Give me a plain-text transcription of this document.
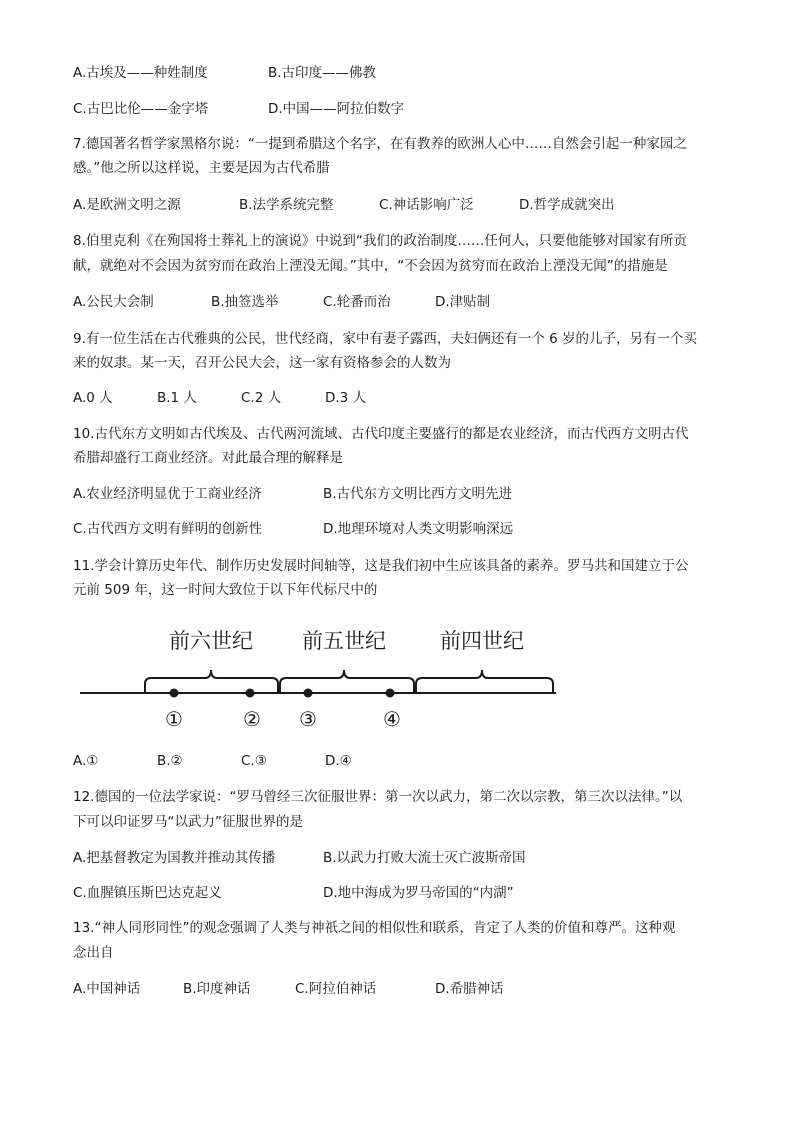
A.古埃及——种姓制度	B.古印度——佛教
C.古巴比伦——金字塔	D.中国——阿拉伯数字
7.德国著名哲学家黑格尔说：“一提到希腊这个名字，在有教养的欧洲人心中……自然会引起一种家园之
感。”他之所以这样说，主要是因为古代希腊
A.是欧洲文明之源	B.法学系统完整	C.神话影响广泛	D.哲学成就突出
8.伯里克利《在殉国将士葬礼上的演说》中说到“我们的政治制度……任何人，只要他能够对国家有所贡
献，就绝对不会因为贫穷而在政治上湮没无闻。”其中，“不会因为贫穷而在政治上湮没无闻”的措施是
A.公民大会制	B.抽签选举	C.轮番而治	D.津贴制
9.有一位生活在古代雅典的公民，世代经商，家中有妻子露西，夫妇俩还有一个 6 岁的儿子，另有一个买
来的奴隶。某一天，召开公民大会，这一家有资格参会的人数为
A.0 人	B.1 人	C.2 人	D.3 人
10.古代东方文明如古代埃及、古代两河流域、古代印度主要盛行的都是农业经济，而古代西方文明古代
希腊却盛行工商业经济。对此最合理的解释是
A.农业经济明显优于工商业经济	B.古代东方文明比西方文明先进
C.古代西方文明有鲜明的创新性	D.地理环境对人类文明影响深远
11.学会计算历史年代、制作历史发展时间轴等，这是我们初中生应该具备的素养。罗马共和国建立于公
元前 509 年，这一时间大致位于以下年代标尺中的
前六世纪 前五世纪	前四世纪
①	② ③	④
A.①	B.②	C.③	D.④
12.德国的一位法学家说：“罗马曾经三次征服世界：第一次以武力，第二次以宗教，第三次以法律。”以
下可以印证罗马“以武力”征服世界的是
A.把基督教定为国教并推动其传播	B.以武力打败大流士灭亡波斯帝国
C.血腥镇压斯巴达克起义	D.地中海成为罗马帝国的“内湖”
13.“神人同形同性”的观念强调了人类与神祇之间的相似性和联系，肯定了人类的价值和尊严。这种观
念出自
A.中国神话	B.印度神话	C.阿拉伯神话	D.希腊神话
